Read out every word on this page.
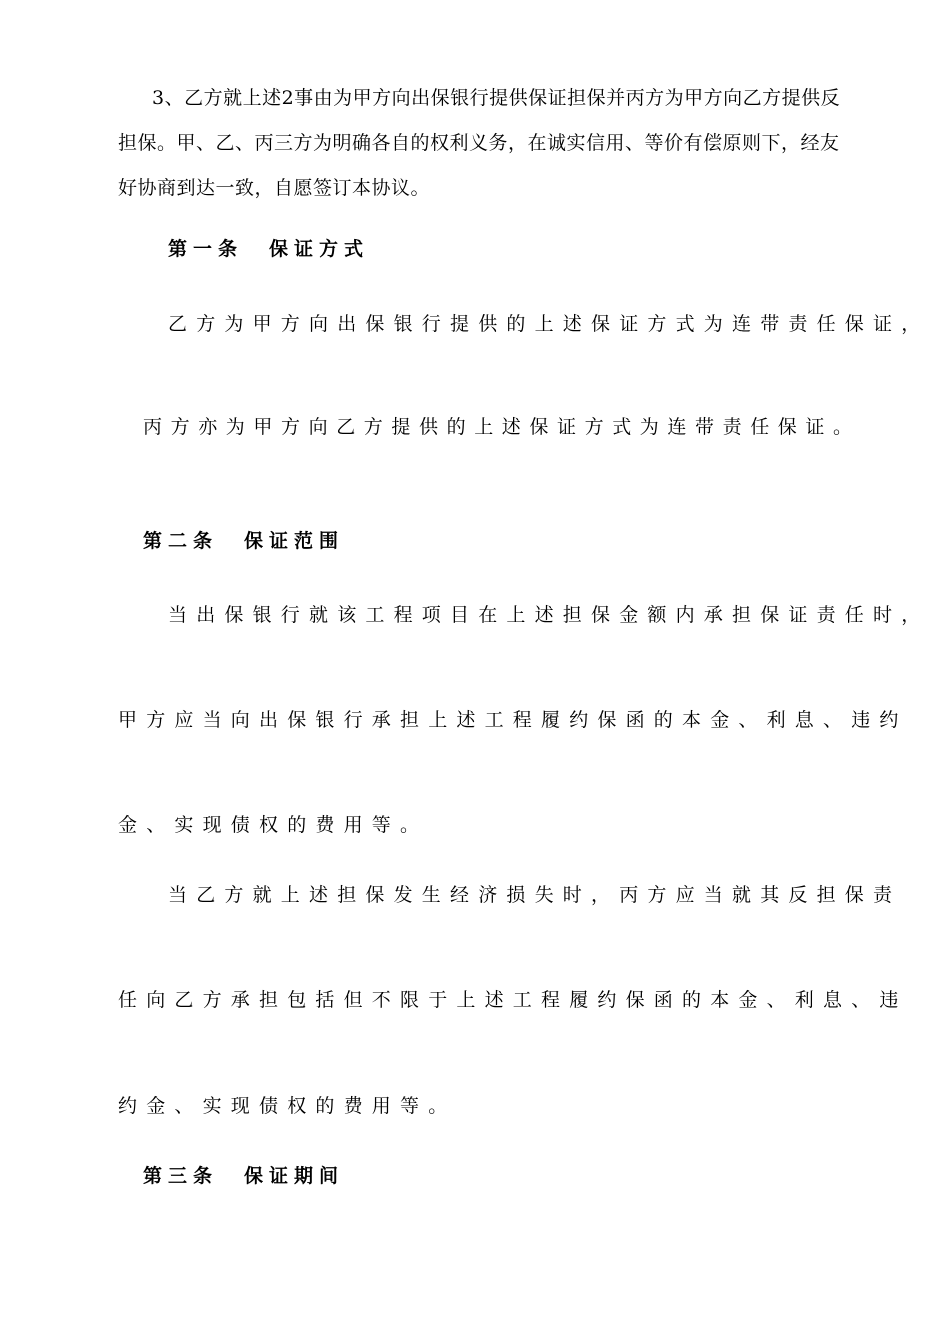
3、乙方就上述2事由为甲方向出保银行提供保证担保并丙方为甲方向乙方提供反
担保。甲、乙、丙三方为明确各自的权利义务，在诚实信用、等价有偿原则下，经友
好协商到达一致，自愿签订本协议。
第一条 保证方式
乙方为甲方向出保银行提供的上述保证方式为连带责任保证，
丙方亦为甲方向乙方提供的上述保证方式为连带责任保证。
第二条 保证范围
当出保银行就该工程项目在上述担保金额内承担保证责任时，
甲方应当向出保银行承担上述工程履约保函的本金、利息、违约
金、实现债权的费用等。
当乙方就上述担保发生经济损失时，丙方应当就其反担保责
任向乙方承担包括但不限于上述工程履约保函的本金、利息、违
约金、实现债权的费用等。
第三条 保证期间
